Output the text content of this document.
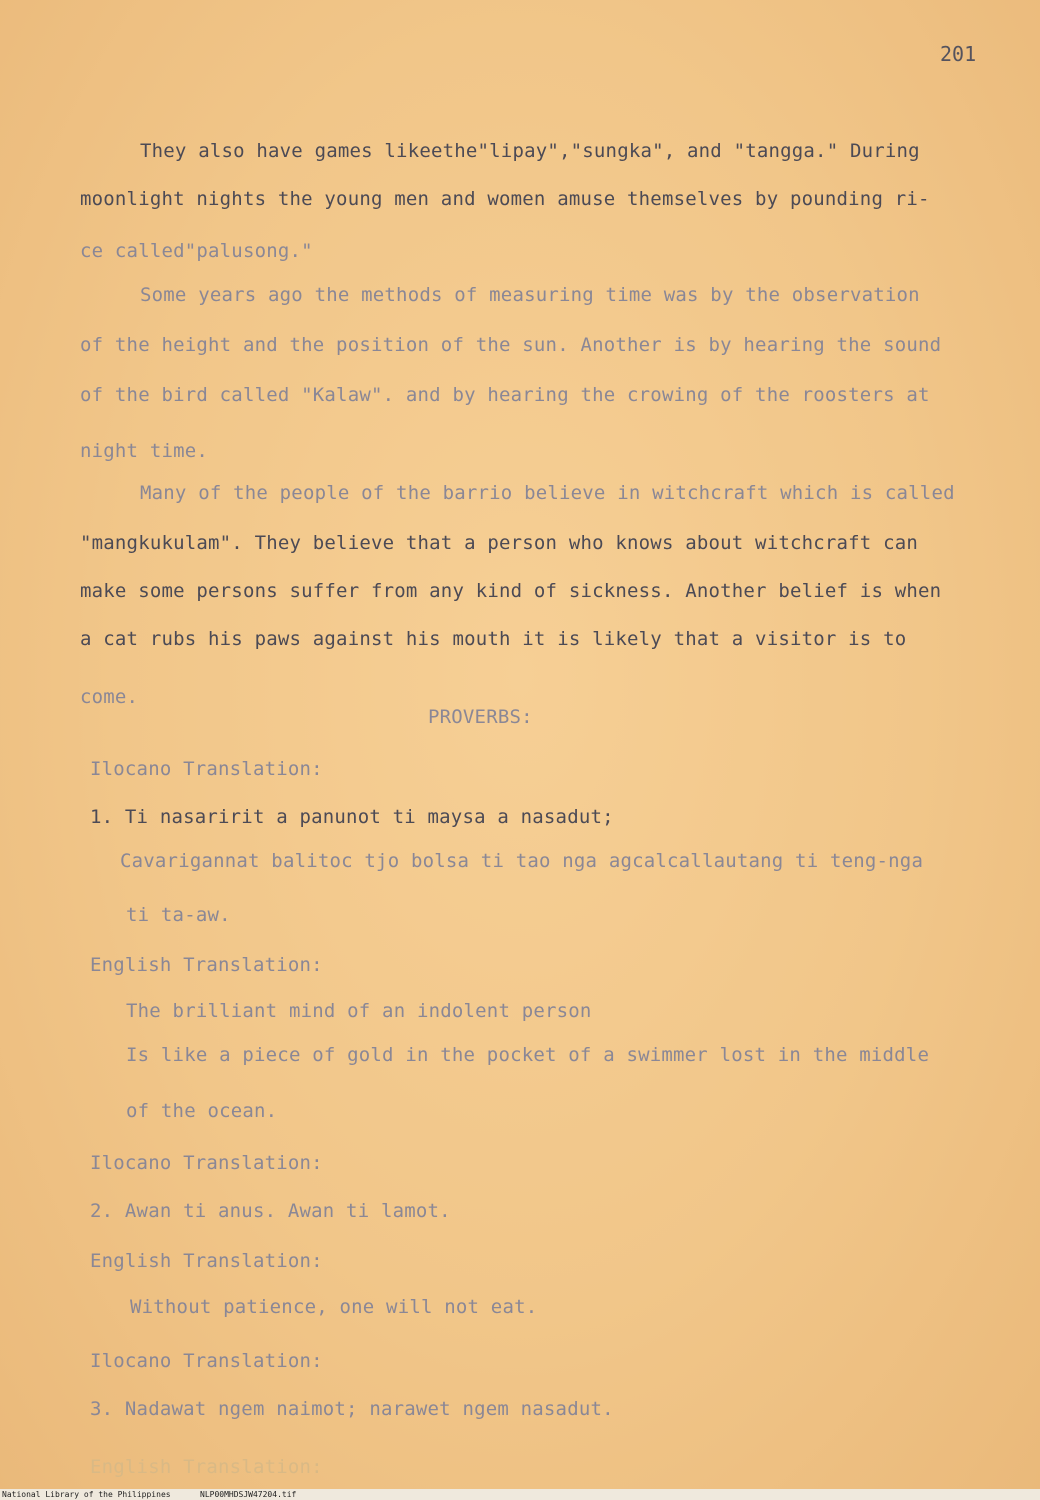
201
They also have games likeethe"lipay","sungka", and "tangga." During
moonlight nights the young men and women amuse themselves by pounding ri-
ce called"palusong."
Some years ago the methods of measuring time was by the observation
of the height and the position of the sun. Another is by hearing the sound
of the bird called "Kalaw". and by hearing the crowing of the roosters at
night time.
Many of the people of the barrio believe in witchcraft which is called
"mangkukulam". They believe that a person who knows about witchcraft can
make some persons suffer from any kind of sickness. Another belief is when
a cat rubs his paws against his mouth it is likely that a visitor is to
come.
PROVERBS:
Ilocano Translation:
1. Ti nasaririt a panunot ti maysa a nasadut;
Cavarigannat balitoc tjo bolsa ti tao nga agcalcallautang ti teng-nga
ti ta-aw.
English Translation:
The brilliant mind of an indolent person
Is like a piece of gold in the pocket of a swimmer lost in the middle
of the ocean.
Ilocano Translation:
2. Awan ti anus. Awan ti lamot.
English Translation:
Without patience, one will not eat.
Ilocano Translation:
3. Nadawat ngem naimot; narawet ngem nasadut.
English Translation:
National Library of the Philippines	NLP00MHDSJW47204.tif
